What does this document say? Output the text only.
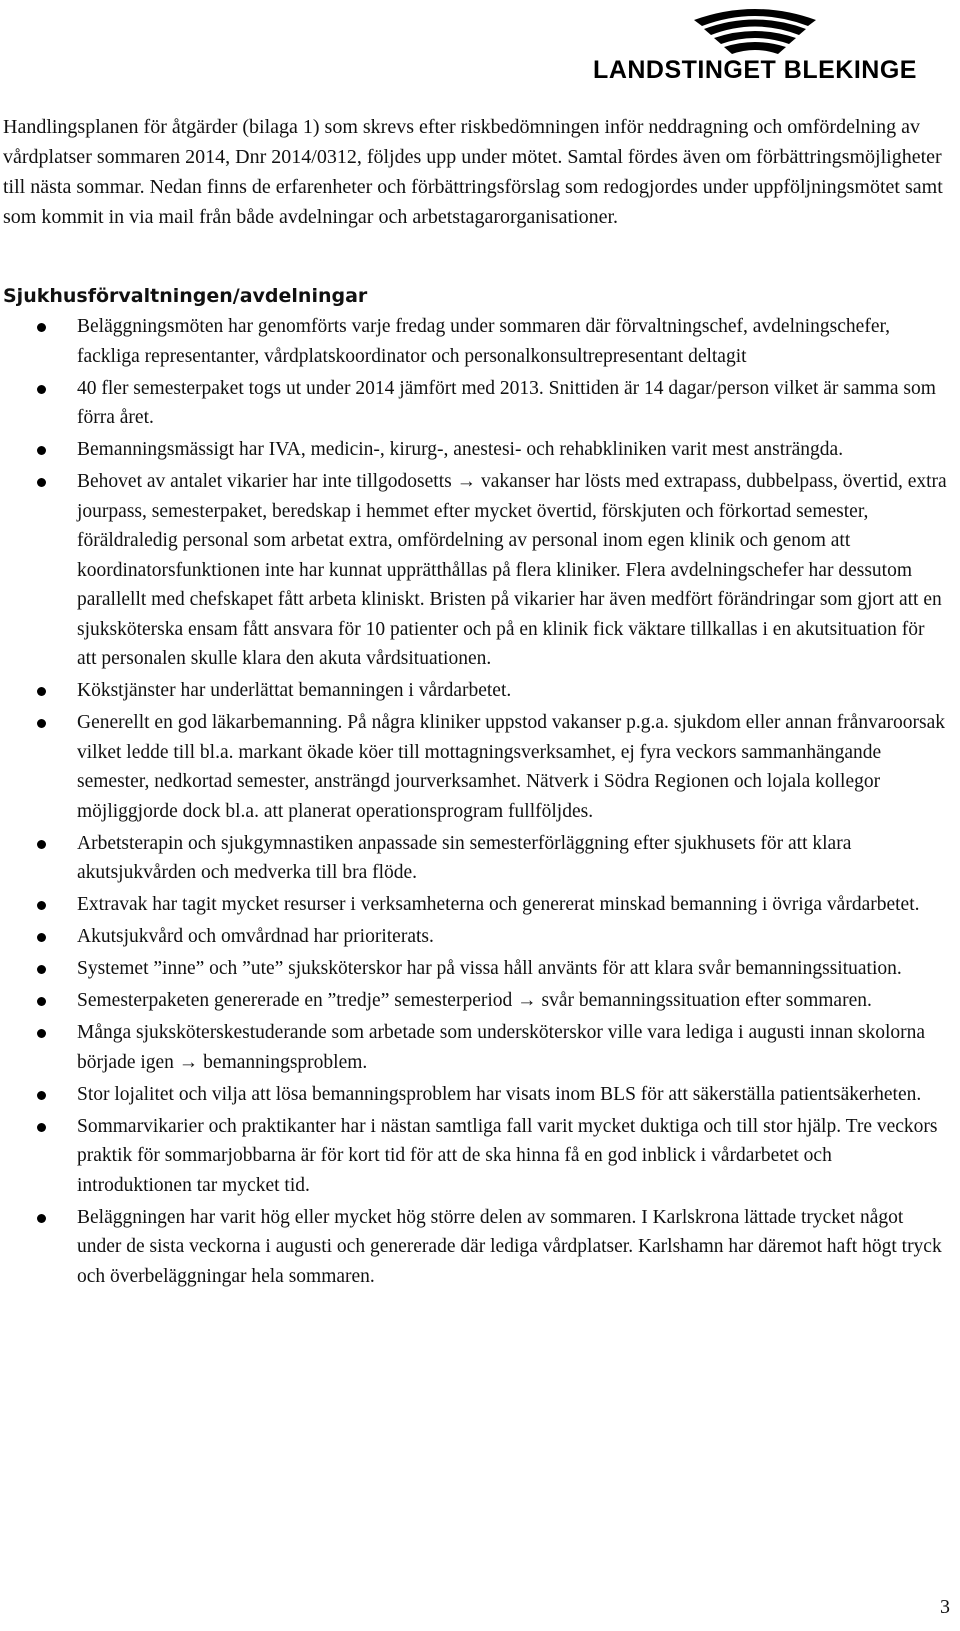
LANDSTINGET BLEKINGE

Handlingsplanen för åtgärder (bilaga 1) som skrevs efter riskbedömningen inför neddragning och omfördelning av vårdplatser sommaren 2014, Dnr 2014/0312, följdes upp under mötet. Samtal fördes även om förbättringsmöjligheter till nästa sommar. Nedan finns de erfarenheter och förbättringsförslag som redogjordes under uppföljningsmötet samt som kommit in via mail från både avdelningar och arbetstagarorganisationer.

Sjukhusförvaltningen/avdelningar
Beläggningsmöten har genomförts varje fredag under sommaren där förvaltningschef, avdelningschefer, fackliga representanter, vårdplatskoordinator och personalkonsultrepresentant deltagit
40 fler semesterpaket togs ut under 2014 jämfört med 2013. Snittiden är 14 dagar/person vilket är samma som förra året.
Bemanningsmässigt har IVA, medicin-, kirurg-, anestesi- och rehabkliniken varit mest ansträngda.
Behovet av antalet vikarier har inte tillgodosetts → vakanser har lösts med extrapass, dubbelpass, övertid, extra jourpass, semesterpaket, beredskap i hemmet efter mycket övertid, förskjuten och förkortad semester, föräldraledig personal som arbetat extra, omfördelning av personal inom egen klinik och genom att koordinatorsfunktionen inte har kunnat upprätthållas på flera kliniker. Flera avdelningschefer har dessutom parallellt med chefskapet fått arbeta kliniskt. Bristen på vikarier har även medfört förändringar som gjort att en sjuksköterska ensam fått ansvara för 10 patienter och på en klinik fick väktare tillkallas i en akutsituation för att personalen skulle klara den akuta vårdsituationen.
Kökstjänster har underlättat bemanningen i vårdarbetet.
Generellt en god läkarbemanning. På några kliniker uppstod vakanser p.g.a. sjukdom eller annan frånvaroorsak vilket ledde till bl.a. markant ökade köer till mottagningsverksamhet, ej fyra veckors sammanhängande semester, nedkortad semester, ansträngd jourverksamhet. Nätverk i Södra Regionen och lojala kollegor möjliggjorde dock bl.a. att planerat operationsprogram fullföljdes.
Arbetsterapin och sjukgymnastiken anpassade sin semesterförläggning efter sjukhusets för att klara akutsjukvården och medverka till bra flöde.
Extravak har tagit mycket resurser i verksamheterna och genererat minskad bemanning i övriga vårdarbetet.
Akutsjukvård och omvårdnad har prioriterats.
Systemet ”inne” och ”ute” sjuksköterskor har på vissa håll använts för att klara svår bemanningssituation.
Semesterpaketen genererade en ”tredje” semesterperiod → svår bemanningssituation efter sommaren.
Många sjuksköterskestuderande som arbetade som undersköterskor ville vara lediga i augusti innan skolorna började igen → bemanningsproblem.
Stor lojalitet och vilja att lösa bemanningsproblem har visats inom BLS för att säkerställa patientsäkerheten.
Sommarvikarier och praktikanter har i nästan samtliga fall varit mycket duktiga och till stor hjälp. Tre veckors praktik för sommarjobbarna är för kort tid för att de ska hinna få en god inblick i vårdarbetet och introduktionen tar mycket tid.
Beläggningen har varit hög eller mycket hög större delen av sommaren. I Karlskrona lättade trycket något under de sista veckorna i augusti och genererade där lediga vårdplatser. Karlshamn har däremot haft högt tryck och överbeläggningar hela sommaren.
3
